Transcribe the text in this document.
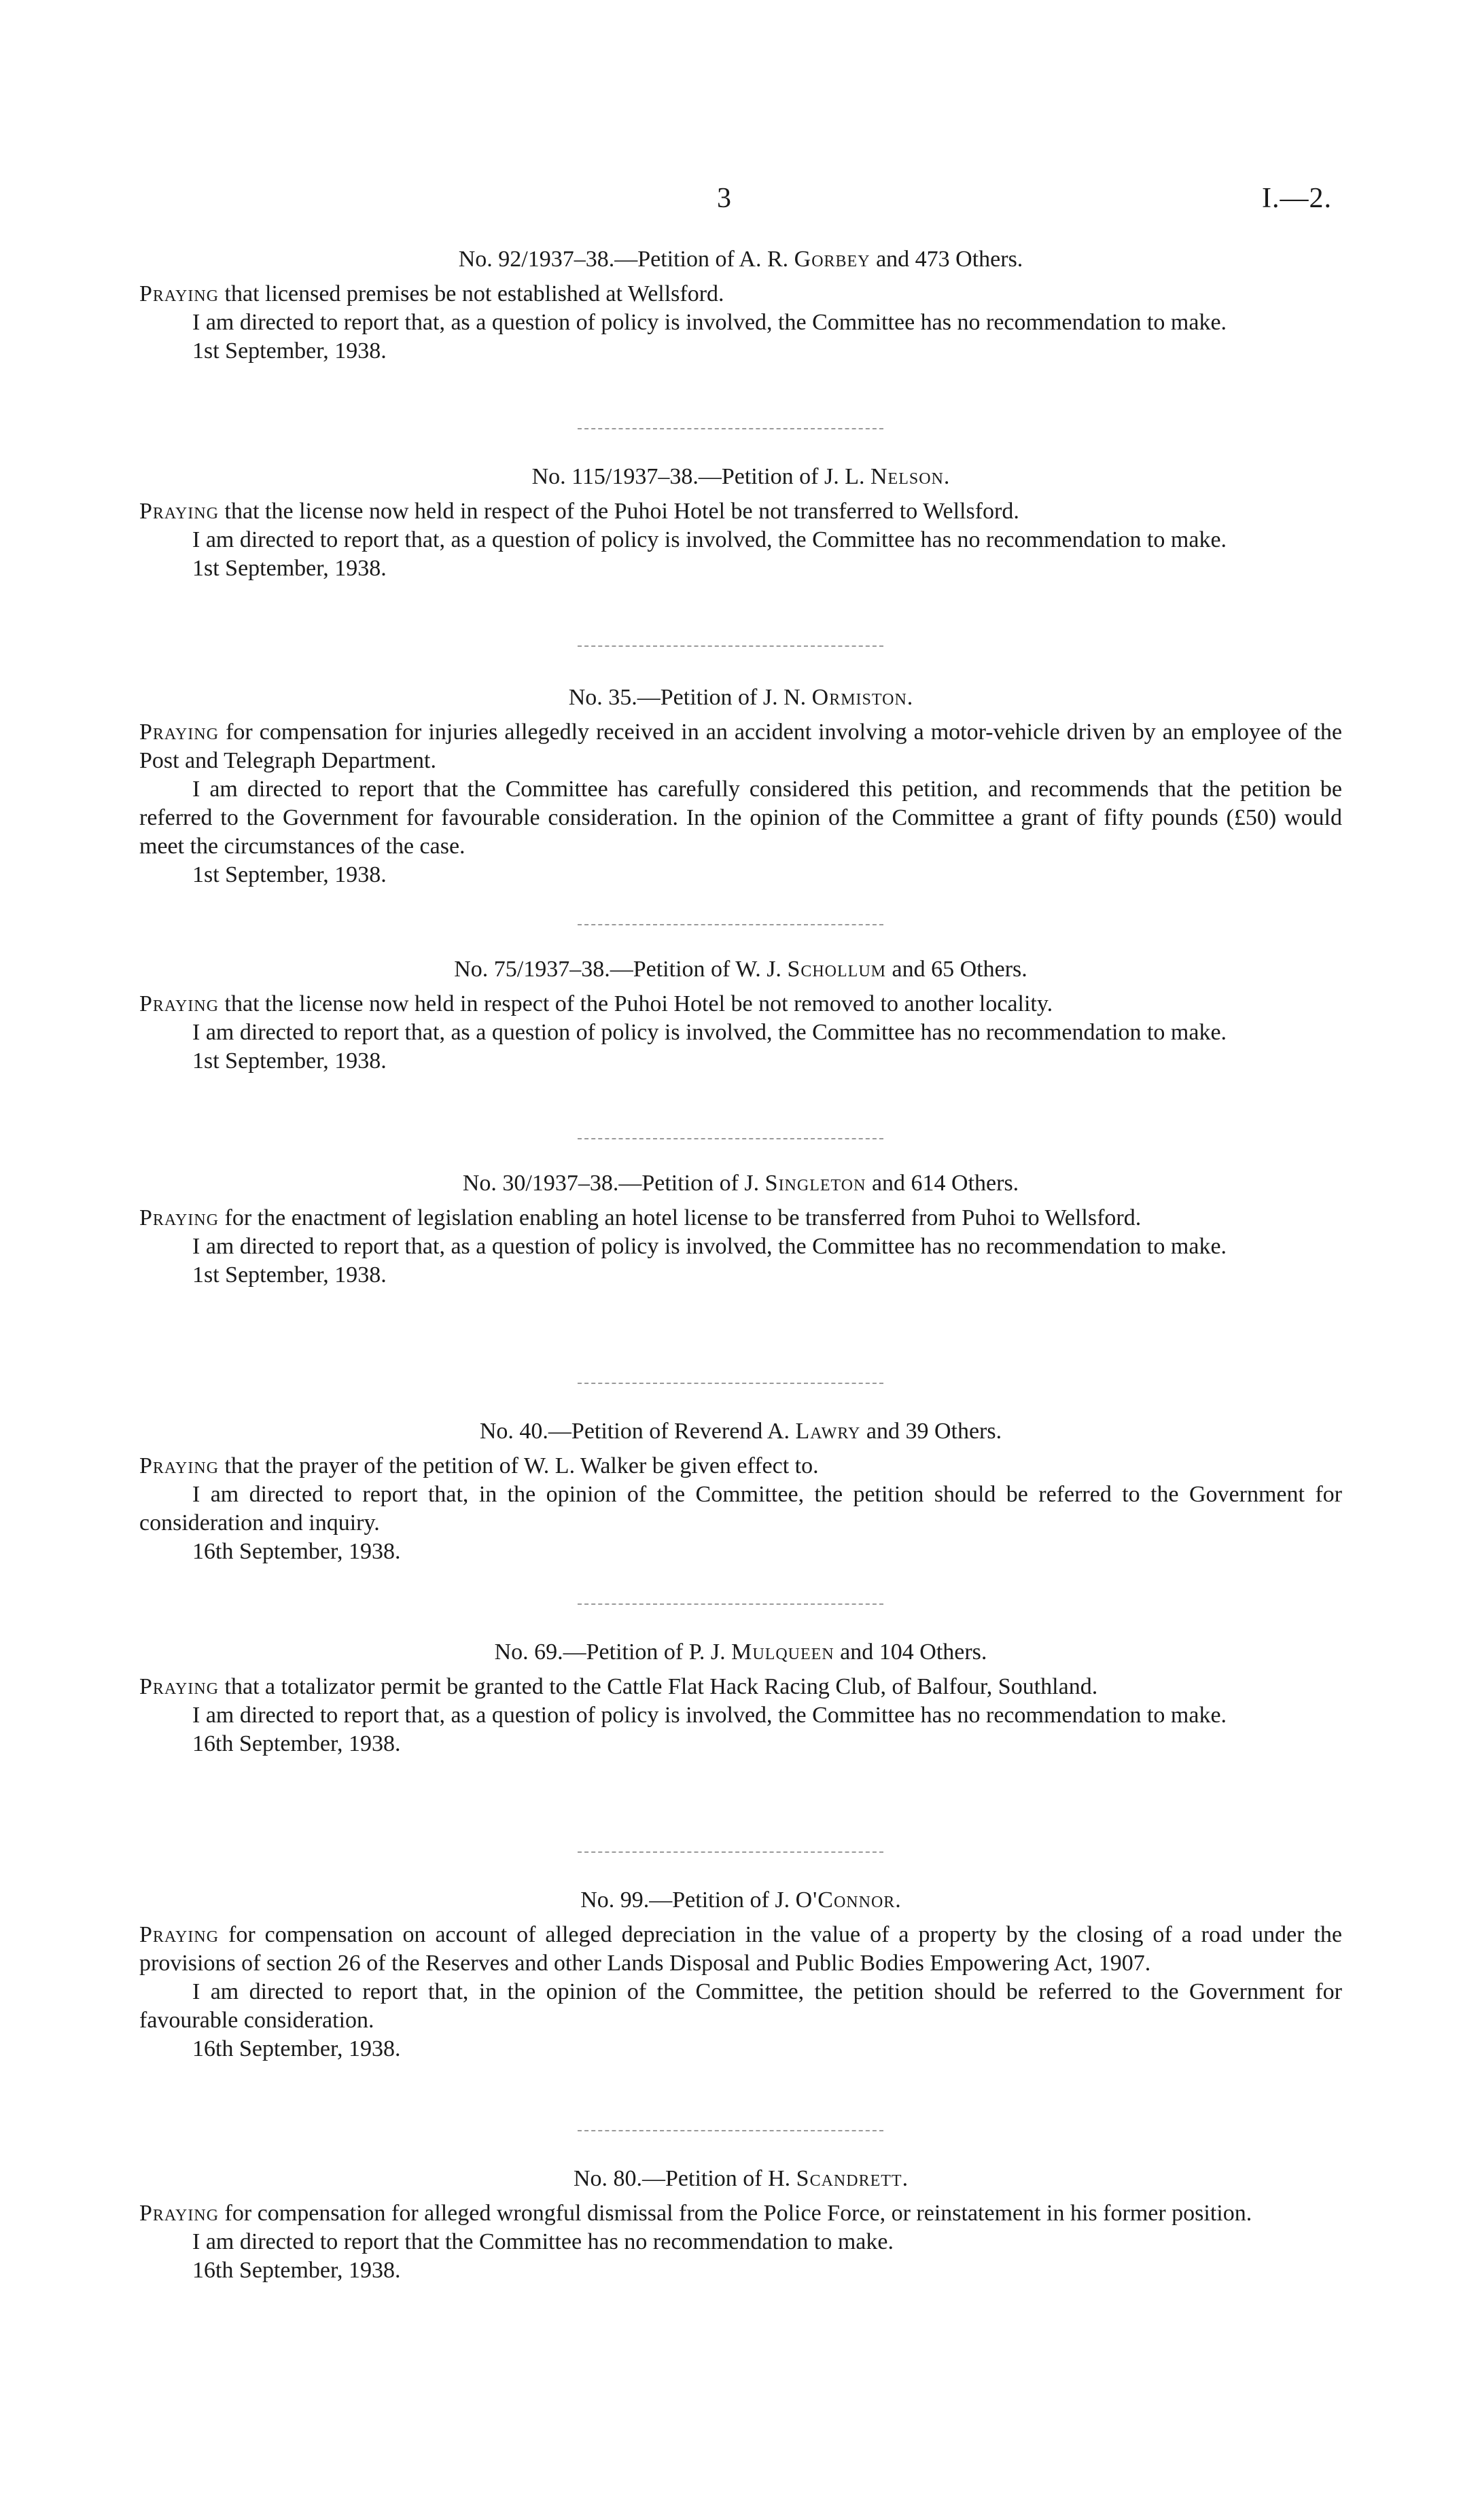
3	I.—2.

No. 92/1937–38.—Petition of A. R. Gorbey and 473 Others.

Praying that licensed premises be not established at Wellsford.

I am directed to report that, as a question of policy is involved, the Committee has no recommendation to make.

1st September, 1938.

No. 115/1937–38.—Petition of J. L. Nelson.

Praying that the license now held in respect of the Puhoi Hotel be not transferred to Wellsford.

I am directed to report that, as a question of policy is involved, the Committee has no recommendation to make.

1st September, 1938.

No. 35.—Petition of J. N. Ormiston.

Praying for compensation for injuries allegedly received in an accident involving a motor-vehicle driven by an employee of the Post and Telegraph Department.

I am directed to report that the Committee has carefully considered this petition, and recommends that the petition be referred to the Government for favourable consideration. In the opinion of the Committee a grant of fifty pounds (£50) would meet the circumstances of the case.

1st September, 1938.

No. 75/1937–38.—Petition of W. J. Schollum and 65 Others.

Praying that the license now held in respect of the Puhoi Hotel be not removed to another locality.

I am directed to report that, as a question of policy is involved, the Committee has no recommendation to make.

1st September, 1938.

No. 30/1937–38.—Petition of J. Singleton and 614 Others.

Praying for the enactment of legislation enabling an hotel license to be transferred from Puhoi to Wellsford.

I am directed to report that, as a question of policy is involved, the Committee has no recommendation to make.

1st September, 1938.

No. 40.—Petition of Reverend A. Lawry and 39 Others.

Praying that the prayer of the petition of W. L. Walker be given effect to.

I am directed to report that, in the opinion of the Committee, the petition should be referred to the Government for consideration and inquiry.

16th September, 1938.

No. 69.—Petition of P. J. Mulqueen and 104 Others.

Praying that a totalizator permit be granted to the Cattle Flat Hack Racing Club, of Balfour, Southland.

I am directed to report that, as a question of policy is involved, the Committee has no recommendation to make.

16th September, 1938.

No. 99.—Petition of J. O'Connor.

Praying for compensation on account of alleged depreciation in the value of a property by the closing of a road under the provisions of section 26 of the Reserves and other Lands Disposal and Public Bodies Empowering Act, 1907.

I am directed to report that, in the opinion of the Committee, the petition should be referred to the Government for favourable consideration.

16th September, 1938.

No. 80.—Petition of H. Scandrett.

Praying for compensation for alleged wrongful dismissal from the Police Force, or reinstatement in his former position.

I am directed to report that the Committee has no recommendation to make.

16th September, 1938.
